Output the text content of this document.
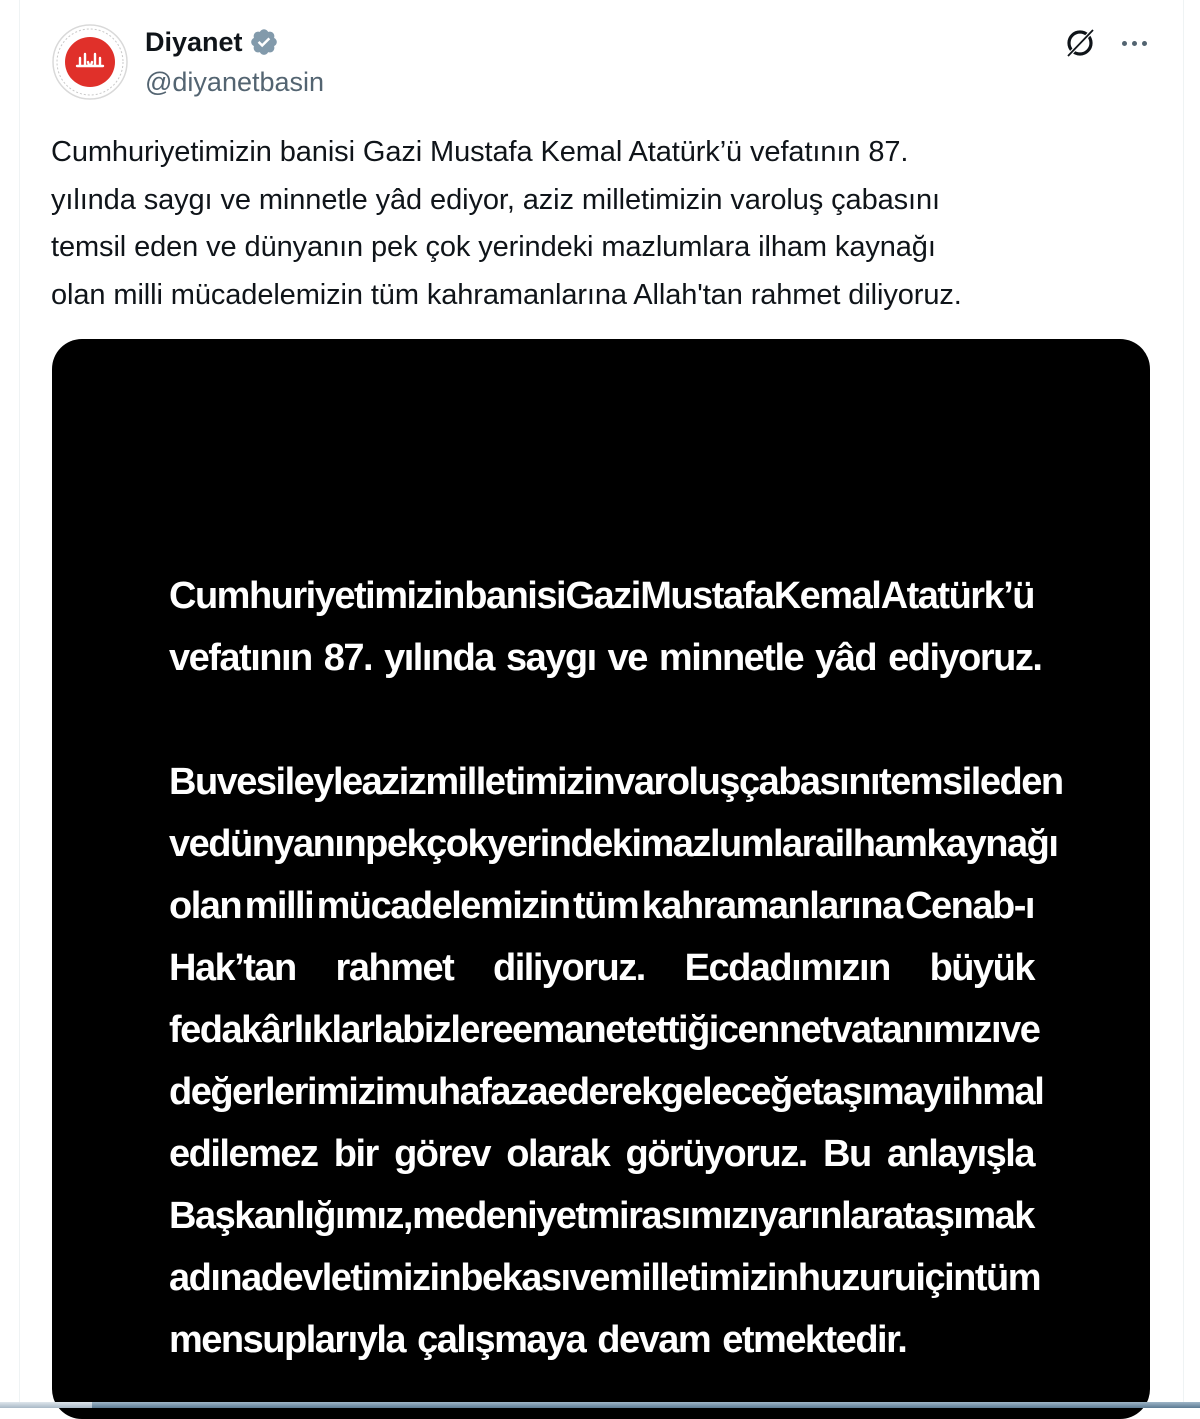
Diyanet
@diyanetbasin
Cumhuriyetimizin banisi Gazi Mustafa Kemal Atatürk’ü vefatının 87.
yılında saygı ve minnetle yâd ediyor, aziz milletimizin varoluş çabasını
temsil eden ve dünyanın pek çok yerindeki mazlumlara ilham kaynağı
olan milli mücadelemizin tüm kahramanlarına Allah'tan rahmet diliyoruz.
Cumhuriyetimizin banisi Gazi Mustafa Kemal Atatürk’ü
vefatının 87. yılında saygı ve minnetle yâd ediyoruz.
Bu vesileyle aziz milletimizin varoluş çabasını temsil eden
ve dünyanın pek çok yerindeki mazlumlara ilham kaynağı
olan milli mücadelemizin tüm kahramanlarına Cenab-ı
Hak’tan rahmet diliyoruz. Ecdadımızın büyük
fedakârlıklarla bizlere emanet ettiği cennet vatanımızı ve
değerlerimizi muhafaza ederek geleceğe taşımayı ihmal
edilemez bir görev olarak görüyoruz. Bu anlayışla
Başkanlığımız, medeniyet mirasımızı yarınlara taşımak
adına devletimizin bekası ve milletimizin huzuru için tüm
mensuplarıyla çalışmaya devam etmektedir.
